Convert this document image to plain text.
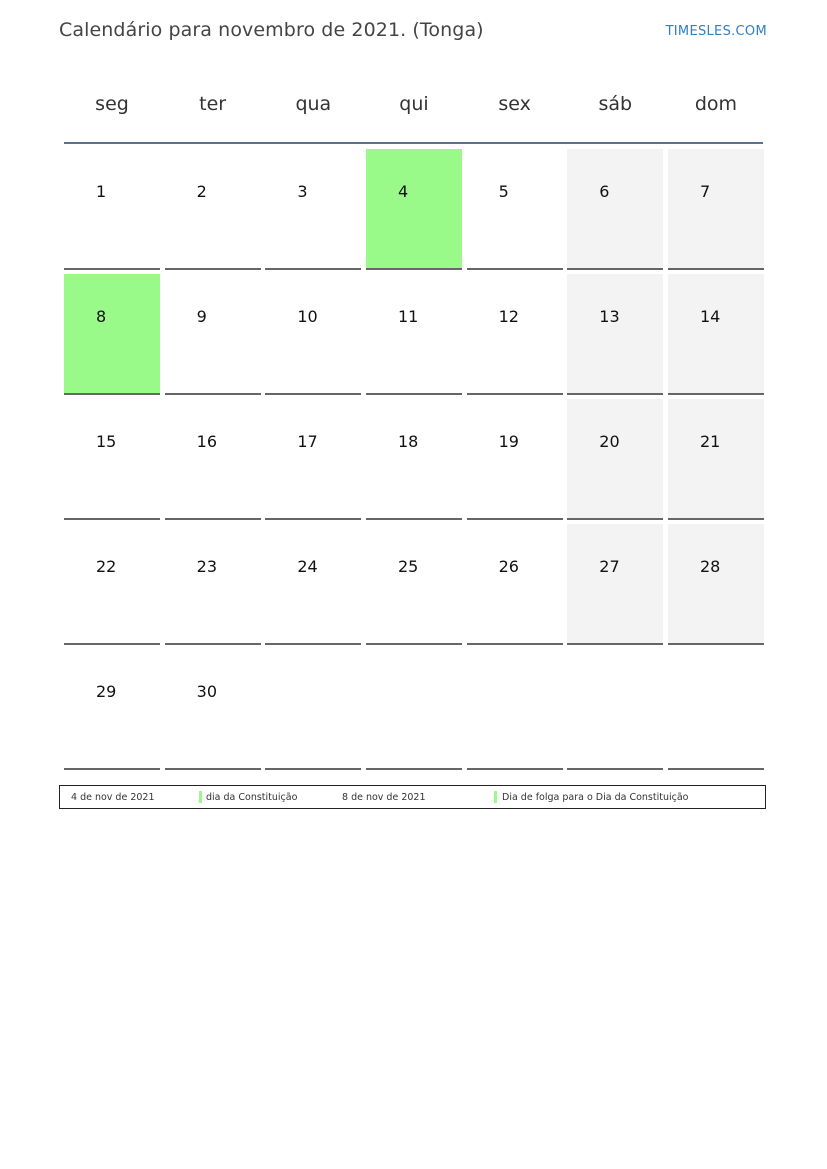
Calendário para novembro de 2021. (Tonga)	TIMESLES.COM
seg	ter	qua	qui	sex	sáb	dom
1	2	3	4	5	6	7
8	9	10	11	12	13	14
15	16	17	18	19	20	21
22	23	24	25	26	27	28
29	30
4 de nov de 2021	dia da Constituição	8 de nov de 2021	Dia de folga para o Dia da Constituição
